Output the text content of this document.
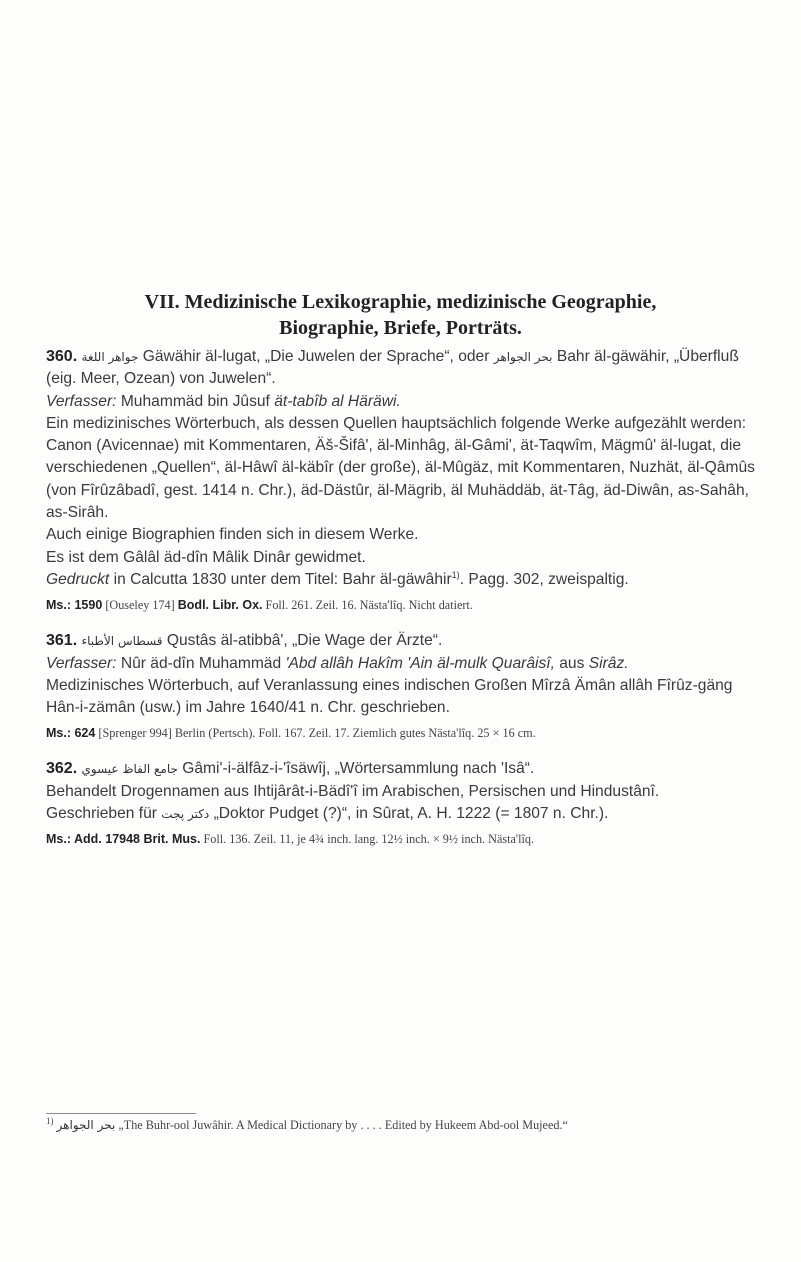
VII. Medizinische Lexikographie, medizinische Geographie,
Biographie, Briefe, Porträts.

360. جواهر اللغة Gäwähir äl-lugat, „Die Juwelen der Sprache“, oder بحر الجواهر Bahr äl-gäwähir, „Überfluß (eig. Meer, Ozean) von Juwelen“.

Verfasser: Muhammäd bin Jûsuf ät-tabîb al Häräwi.

Ein medizinisches Wörterbuch, als dessen Quellen hauptsächlich folgende Werke aufgezählt werden: Canon (Avicennae) mit Kommentaren, Äš-Šifâ', äl-Minhâg, äl-Gâmi', ät-Taqwîm, Mägmû' äl-lugat, die verschiedenen „Quellen“, äl-Hâwî äl-käbîr (der große), äl-Mûgäz, mit Kommentaren, Nuzhät, äl-Qâmûs (von Fîrûzâbadî, gest. 1414 n. Chr.), äd-Dästûr, äl-Mägrib, äl Muhäddäb, ät-Tâg, äd-Diwân, as-Sahâh, as-Sirâh.

Auch einige Biographien finden sich in diesem Werke.

Es ist dem Gâlâl äd-dîn Mâlik Dinâr gewidmet.

Gedruckt in Calcutta 1830 unter dem Titel: Bahr äl-gäwâhir$^{1)}$. Pagg. 302, zweispaltig.

Ms.: 1590 [Ouseley 174] Bodl. Libr. Ox. Foll. 261. Zeil. 16. Nästa'lîq. Nicht datiert.

361. قسطاس الأطباء Qustâs äl-atibbâ', „Die Wage der Ärzte“.

Verfasser: Nûr äd-dîn Muhammäd 'Abd allâh Hakîm 'Ain äl-mulk Quarâisî, aus Sirâz.

Medizinisches Wörterbuch, auf Veranlassung eines indischen Großen Mîrzâ Ämân allâh Fîrûz-gäng Hân-i-zämân (usw.) im Jahre 1640/41 n. Chr. geschrieben.

Ms.: 624 [Sprenger 994] Berlin (Pertsch). Foll. 167. Zeil. 17. Ziemlich gutes Nästa'lîq. 25 × 16 cm.

362. جامع الفاظ عيسوي Gâmi'-i-älfâz-i-'îsäwîj, „Wörtersammlung nach 'Isâ“.

Behandelt Drogennamen aus Ihtijârât-i-Bädî'î im Arabischen, Persischen und Hindustânî.

Geschrieben für دكتر پجت „Doktor Pudget (?)“, in Sûrat, A. H. 1222 (= 1807 n. Chr.).

Ms.: Add. 17948 Brit. Mus. Foll. 136. Zeil. 11, je 4¾ inch. lang. 12½ inch. × 9½ inch. Nästa'lîq.
$^{1)}$ بحر الجواهر „The Buhr-ool Juwâhir. A Medical Dictionary by . . . . Edited by Hukeem Abd-ool Mujeed.“
